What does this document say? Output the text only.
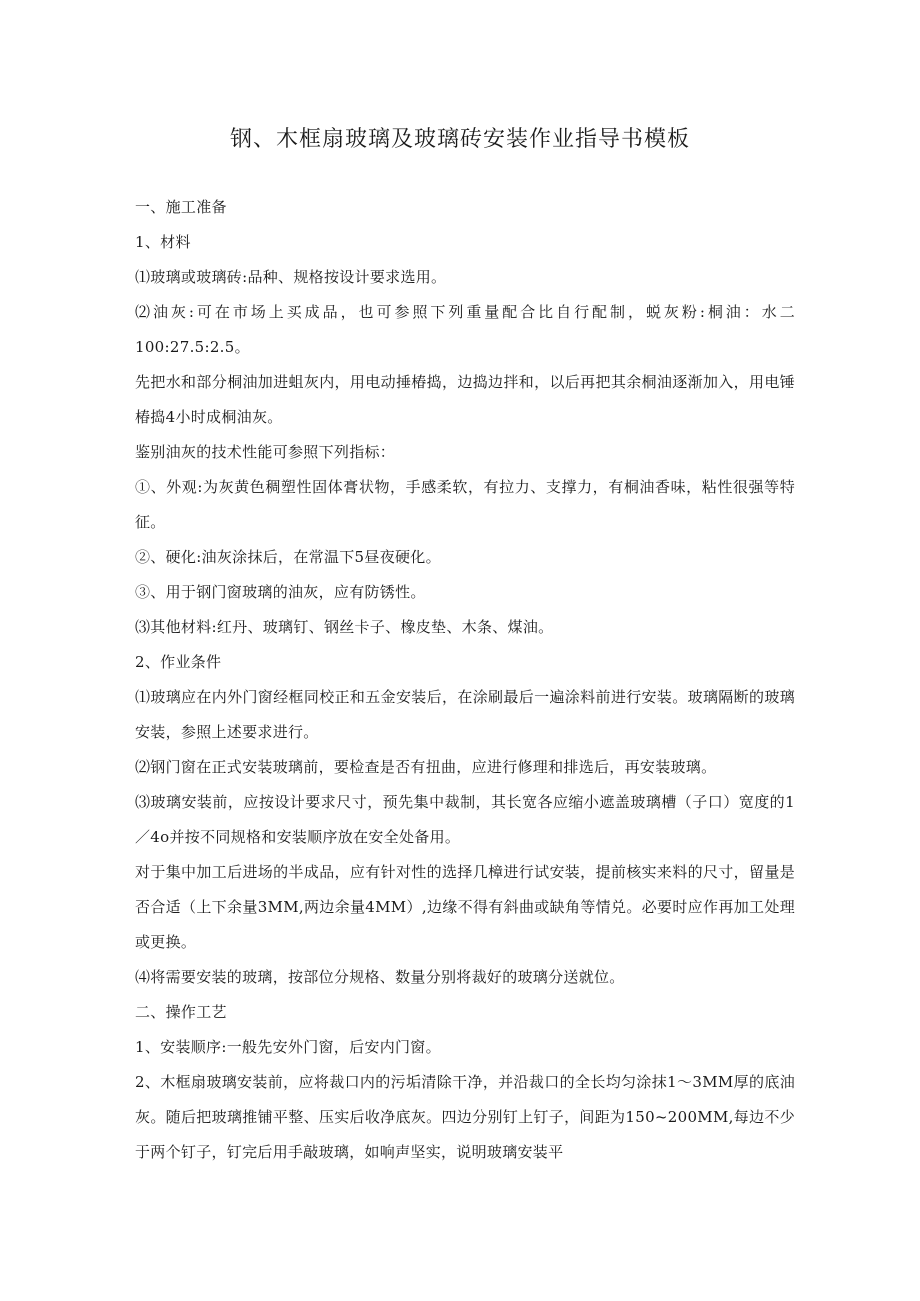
钢、木框扇玻璃及玻璃砖安装作业指导书模板

一、施工准备

1、材料

⑴玻璃或玻璃砖:品种、规格按设计要求选用。

⑵油灰:可在市场上买成品，也可参照下列重量配合比自行配制，蜕灰粉:桐油：水二100:27.5:2.5。

先把水和部分桐油加进蛆灰内，用电动捶椿捣，边捣边拌和，以后再把其余桐油逐渐加入，用电锤椿捣4小时成桐油灰。

鉴别油灰的技术性能可参照下列指标：

①、外观:为灰黄色稠塑性固体膏状物，手感柔软，有拉力、支撑力，有桐油香味，粘性很强等特征。

②、硬化:油灰涂抹后，在常温下5昼夜硬化。

③、用于钢门窗玻璃的油灰，应有防锈性。

⑶其他材料:红丹、玻璃钉、钢丝卡子、橡皮垫、木条、煤油。

2、作业条件

⑴玻璃应在内外门窗经框同校正和五金安装后，在涂刷最后一遍涂料前进行安装。玻璃隔断的玻璃安装，参照上述要求进行。

⑵钢门窗在正式安装玻璃前，要检查是否有扭曲，应进行修理和排选后，再安装玻璃。

⑶玻璃安装前，应按设计要求尺寸，预先集中裁制，其长宽各应缩小遮盖玻璃槽（子口）宽度的1／4o并按不同规格和安装顺序放在安全处备用。

对于集中加工后进场的半成品，应有针对性的选择几樟进行试安装，提前核实来料的尺寸，留量是否合适（上下余量3MM,两边余量4MM）,边缘不得有斜曲或缺角等情兑。必要时应作再加工处理或更换。

⑷将需要安装的玻璃，按部位分规格、数量分别将裁好的玻璃分送就位。

二、操作工艺

1、安装顺序:一般先安外门窗，后安内门窗。

2、木框扇玻璃安装前，应将裁口内的污垢清除干净，并沿裁口的全长均匀涂抹1～3MM厚的底油灰。随后把玻璃推铺平整、压实后收净底灰。四边分别钉上钉子，间距为150~200MM,每边不少于两个钉子，钉完后用手敲玻璃，如响声坚实，说明玻璃安装平
